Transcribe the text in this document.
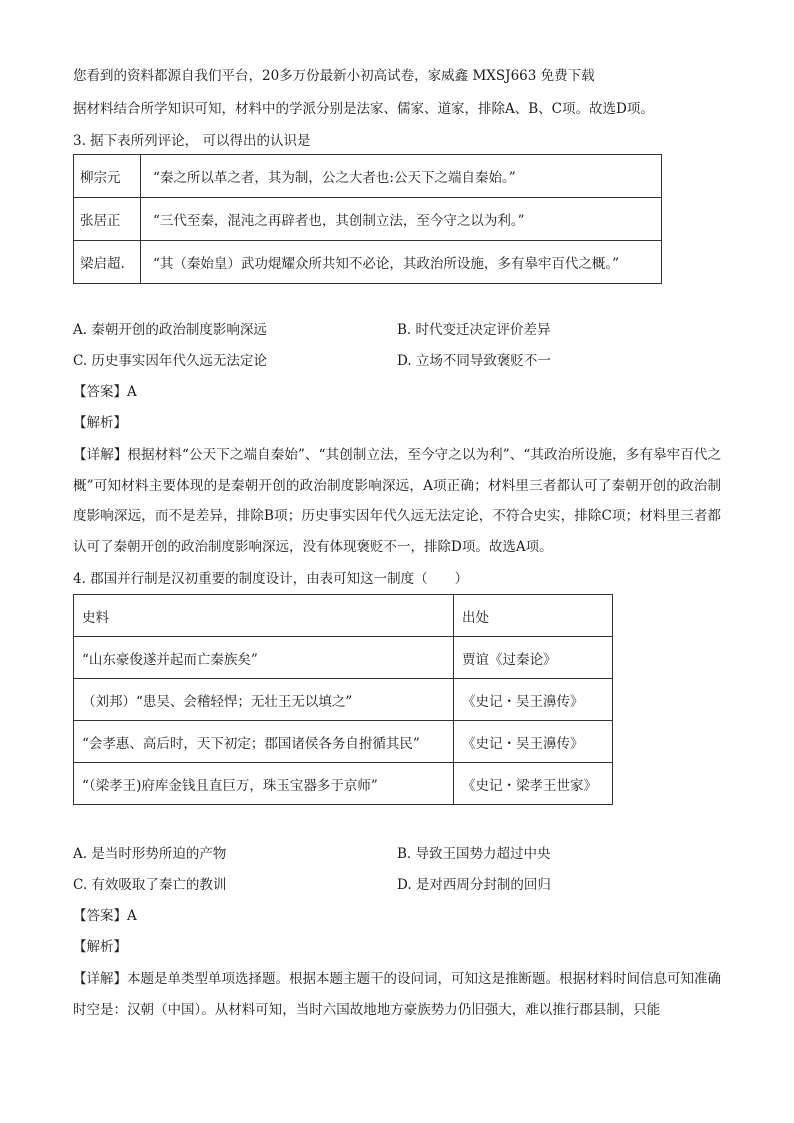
您看到的资料都源自我们平台，20多万份最新小初高试卷，家威鑫 MXSJ663 免费下载
据材料结合所学知识可知，材料中的学派分别是法家、儒家、道家，排除A、B、C项。故选D项。
3. 据下表所列评论， 可以得出的认识是
柳宗元	“秦之所以革之者，其为制，公之大者也:公天下之端自秦始。”
张居正	“三代至秦，混沌之再辟者也，其创制立法，至今守之以为利。”
梁启超.	“其（秦始皇）武功焜耀众所共知不必论，其政治所设施，多有皋牢百代之概。”
A. 秦朝开创的政治制度影响深远	B. 时代变迁决定评价差异
C. 历史事实因年代久远无法定论	D. 立场不同导致褒贬不一
【答案】A
【解析】
【详解】根据材料“公天下之端自秦始”、“其创制立法，至今守之以为利”、“其政治所设施，多有皋牢百代之概”可知材料主要体现的是秦朝开创的政治制度影响深远，A项正确；材料里三者都认可了秦朝开创的政治制度影响深远，而不是差异，排除B项；历史事实因年代久远无法定论，不符合史实，排除C项；材料里三者都认可了秦朝开创的政治制度影响深远，没有体现褒贬不一，排除D项。故选A项。
4. 郡国并行制是汉初重要的制度设计，由表可知这一制度（　　）
史料	出处
“山东豪俊遂并起而亡秦族矣”	贾谊《过秦论》
（刘邦）“患吴、会稽轻悍；无壮王无以填之”	《史记・吴王濞传》
“会孝惠、高后时，天下初定；郡国诸侯各务自拊循其民”	《史记・吴王濞传》
“（梁孝王)府库金钱且直巨万，珠玉宝器多于京师”	《史记・梁孝王世家》
A. 是当时形势所迫的产物	B. 导致王国势力超过中央
C. 有效吸取了秦亡的教训	D. 是对西周分封制的回归
【答案】A
【解析】
【详解】本题是单类型单项选择题。根据本题主题干的设问词，可知这是推断题。根据材料时间信息可知准确时空是：汉朝（中国）。从材料可知，当时六国故地地方豪族势力仍旧强大，难以推行郡县制，只能
